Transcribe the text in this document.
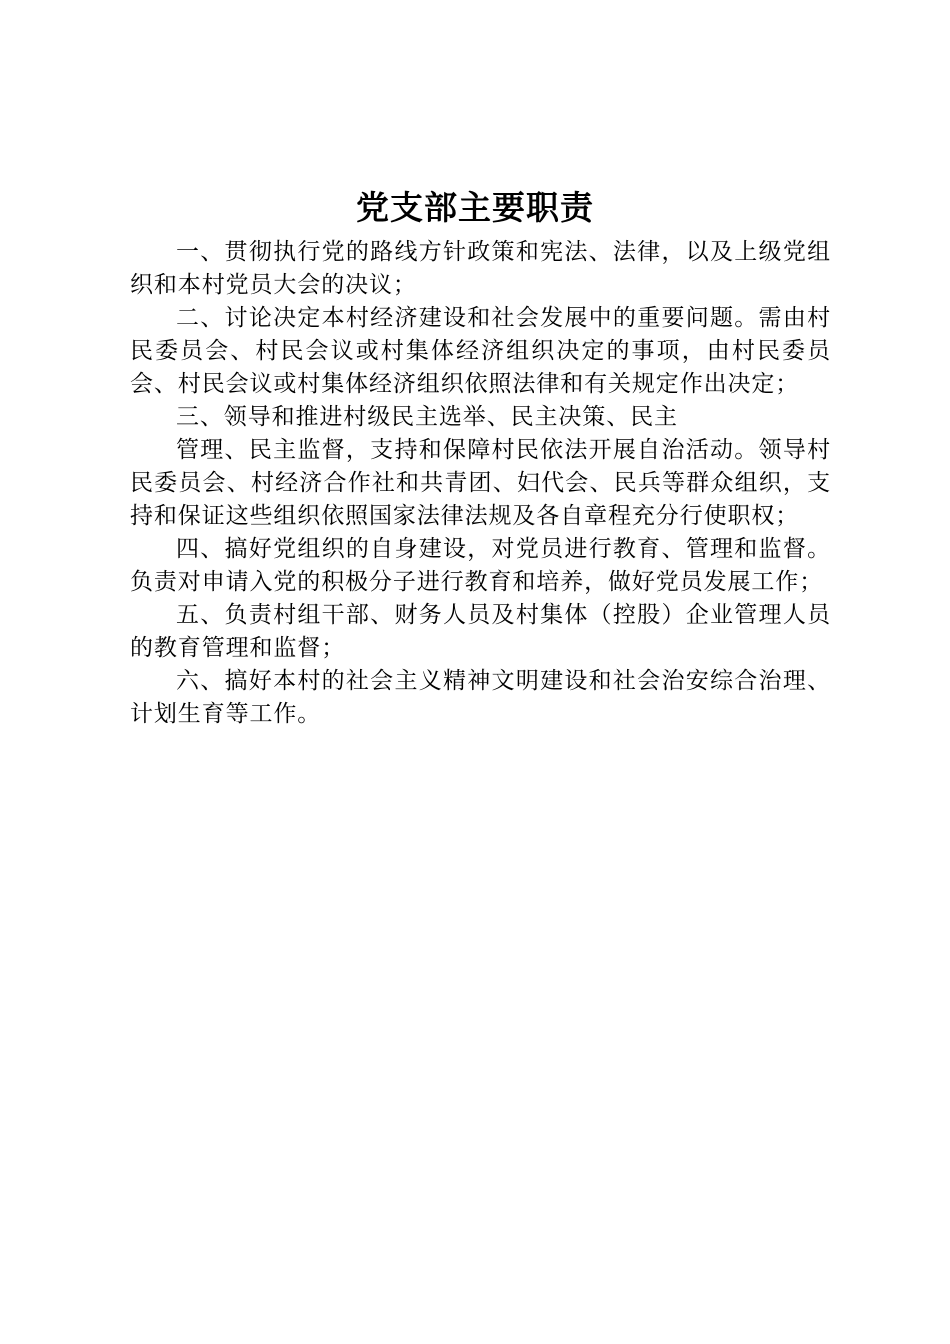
党支部主要职责

一、贯彻执行党的路线方针政策和宪法、法律，以及上级党组织和本村党员大会的决议；

二、讨论决定本村经济建设和社会发展中的重要问题。需由村民委员会、村民会议或村集体经济组织决定的事项，由村民委员会、村民会议或村集体经济组织依照法律和有关规定作出决定；

三、领导和推进村级民主选举、民主决策、民主

管理、民主监督，支持和保障村民依法开展自治活动。领导村民委员会、村经济合作社和共青团、妇代会、民兵等群众组织，支持和保证这些组织依照国家法律法规及各自章程充分行使职权；

四、搞好党组织的自身建设，对党员进行教育、管理和监督。负责对申请入党的积极分子进行教育和培养，做好党员发展工作；

五、负责村组干部、财务人员及村集体（控股）企业管理人员的教育管理和监督；

六、搞好本村的社会主义精神文明建设和社会治安综合治理、计划生育等工作。
